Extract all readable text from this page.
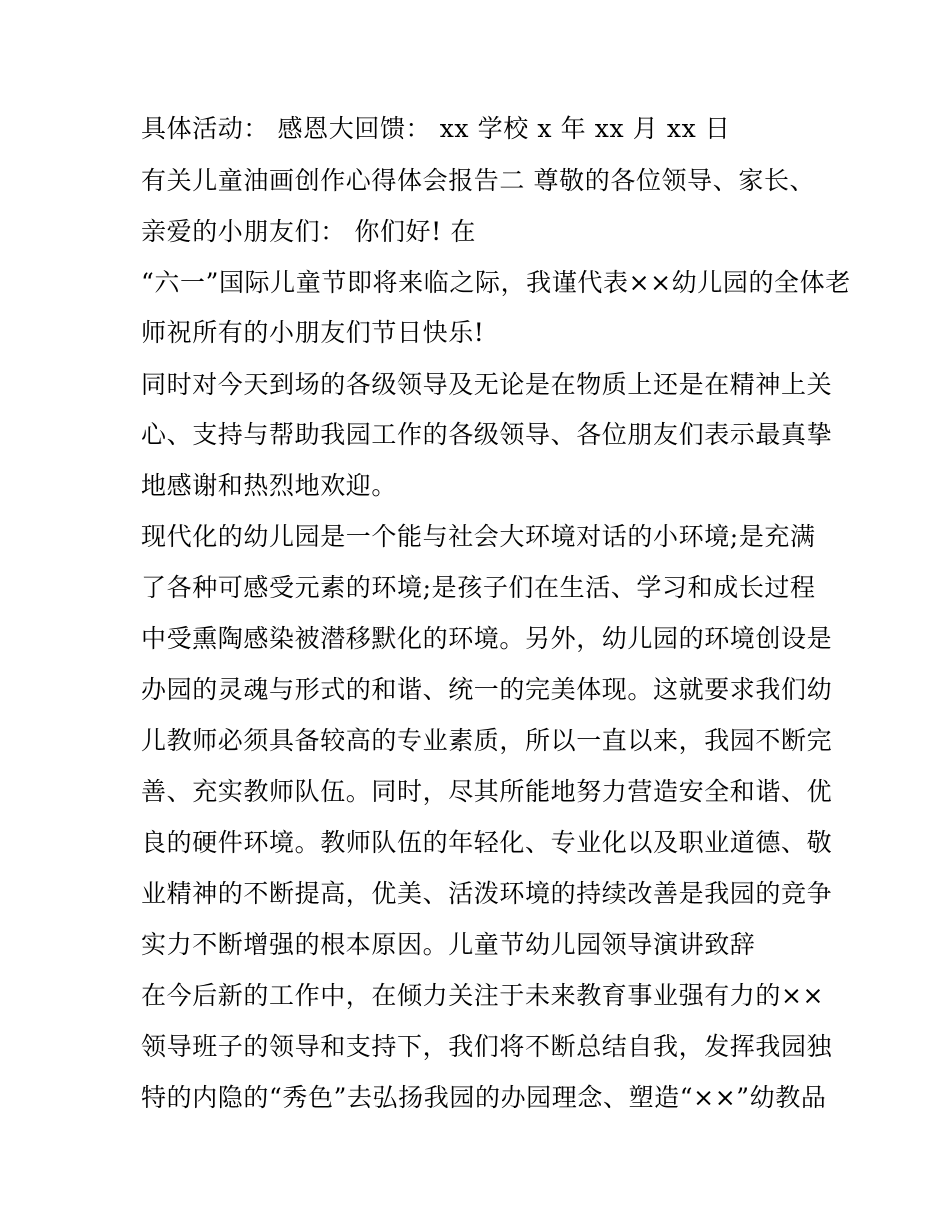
具体活动： 感恩大回馈： xx 学校 x 年 xx 月 xx 日

有关儿童油画创作心得体会报告二 尊敬的各位领导、家长、

亲爱的小朋友们： 你们好! 在

“六一”国际儿童节即将来临之际，我谨代表××幼儿园的全体老

师祝所有的小朋友们节日快乐!

同时对今天到场的各级领导及无论是在物质上还是在精神上关

心、支持与帮助我园工作的各级领导、各位朋友们表示最真挚

地感谢和热烈地欢迎。

现代化的幼儿园是一个能与社会大环境对话的小环境;是充满

了各种可感受元素的环境;是孩子们在生活、学习和成长过程

中受熏陶感染被潜移默化的环境。另外，幼儿园的环境创设是

办园的灵魂与形式的和谐、统一的完美体现。这就要求我们幼

儿教师必须具备较高的专业素质，所以一直以来，我园不断完

善、充实教师队伍。同时，尽其所能地努力营造安全和谐、优

良的硬件环境。教师队伍的年轻化、专业化以及职业道德、敬

业精神的不断提高，优美、活泼环境的持续改善是我园的竞争

实力不断增强的根本原因。儿童节幼儿园领导演讲致辞

在今后新的工作中，在倾力关注于未来教育事业强有力的××

领导班子的领导和支持下，我们将不断总结自我，发挥我园独

特的内隐的“秀色”去弘扬我园的办园理念、塑造“××”幼教品
